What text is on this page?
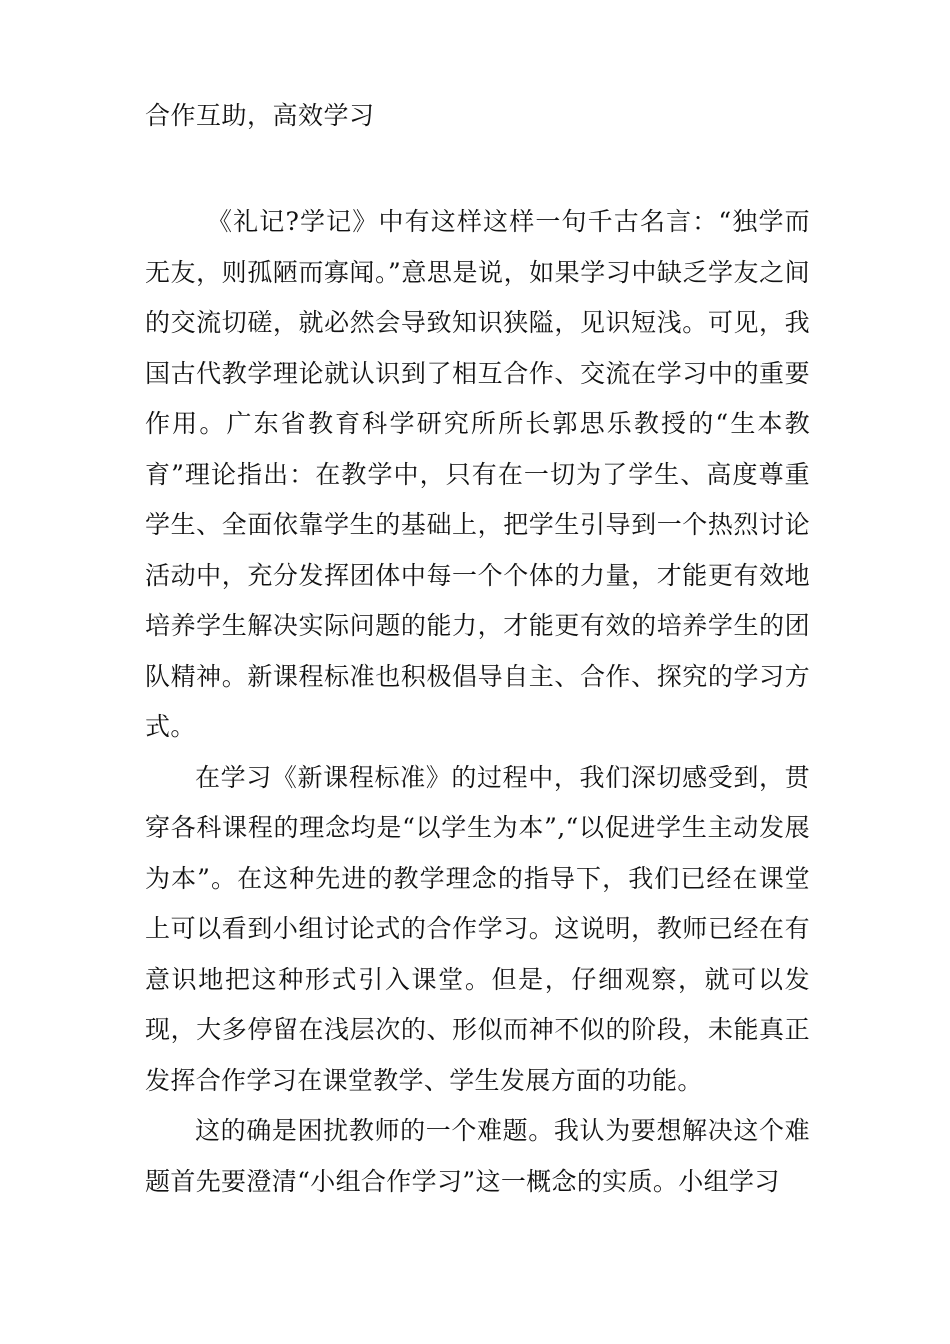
合作互助，高效学习

《礼记?学记》中有这样这样一句千古名言：“独学而无友，则孤陋而寡闻。”意思是说，如果学习中缺乏学友之间的交流切磋，就必然会导致知识狭隘，见识短浅。可见，我国古代教学理论就认识到了相互合作、交流在学习中的重要作用。广东省教育科学研究所所长郭思乐教授的“生本教育”理论指出：在教学中，只有在一切为了学生、高度尊重学生、全面依靠学生的基础上，把学生引导到一个热烈讨论活动中，充分发挥团体中每一个个体的力量，才能更有效地培养学生解决实际问题的能力，才能更有效的培养学生的团队精神。新课程标准也积极倡导自主、合作、探究的学习方式。

在学习《新课程标准》的过程中，我们深切感受到，贯穿各科课程的理念均是“以学生为本”,“以促进学生主动发展为本”。在这种先进的教学理念的指导下，我们已经在课堂上可以看到小组讨论式的合作学习。这说明，教师已经在有意识地把这种形式引入课堂。但是，仔细观察，就可以发现，大多停留在浅层次的、形似而神不似的阶段，未能真正发挥合作学习在课堂教学、学生发展方面的功能。

这的确是困扰教师的一个难题。我认为要想解决这个难题首先要澄清“小组合作学习”这一概念的实质。小组学习
